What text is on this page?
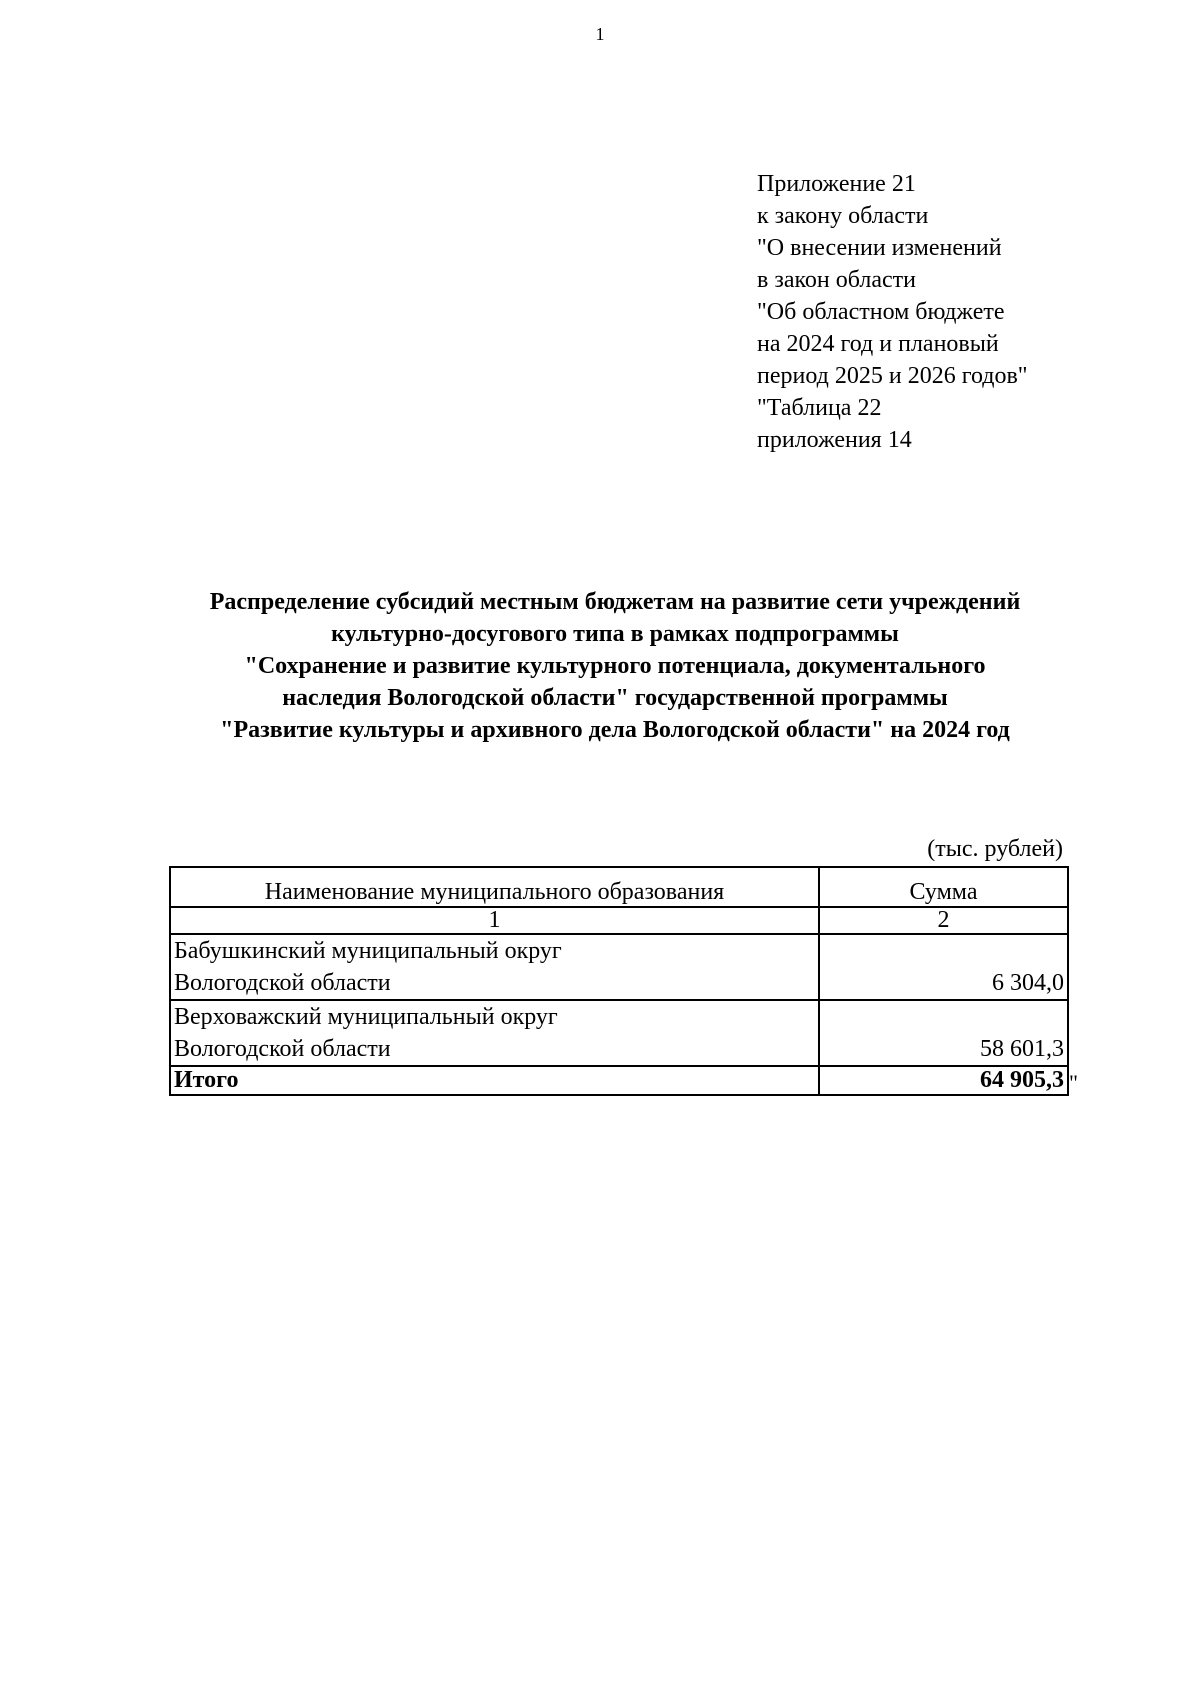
1
Приложение 21
к закону области
"О внесении изменений
в закон области
"Об областном бюджете
на 2024 год и плановый
период 2025 и 2026 годов"
"Таблица 22
приложения 14
Распределение субсидий местным бюджетам на развитие сети учреждений
культурно-досугового типа в рамках подпрограммы
"Сохранение и развитие культурного потенциала, документального
наследия Вологодской области" государственной программы
"Развитие культуры и архивного дела Вологодской области" на 2024 год
(тыс. рублей)
Наименование муниципального образования	Сумма
1	2

Бабушкинский муниципальный округ
Вологодской области	6 304,0

Верховажский муниципальный округ
Вологодской области	58 601,3
Итого	64 905,3 "
